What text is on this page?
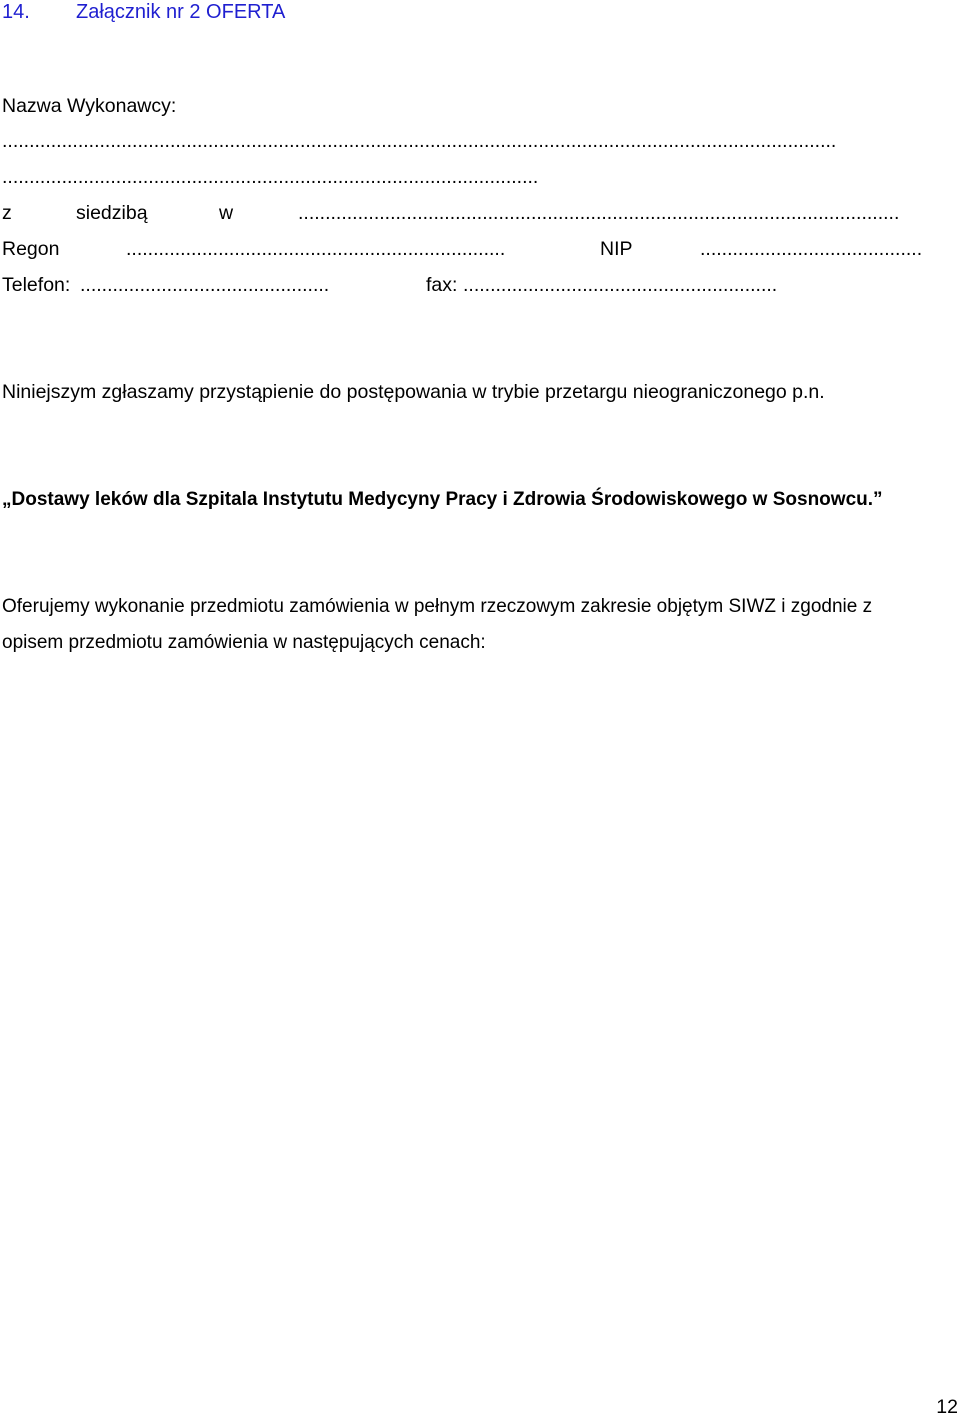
14. Załącznik nr 2 OFERTA
Nazwa Wykonawcy:
..........................................................................................................................................................
...................................................................................................
z	siedzibą	w	...............................................................................................................
Regon	......................................................................	NIP	.........................................
Telefon: ..............................................	fax: ..........................................................
Niniejszym zgłaszamy przystąpienie do postępowania w trybie przetargu nieograniczonego p.n.
„Dostawy leków dla Szpitala Instytutu Medycyny Pracy i Zdrowia Środowiskowego w Sosnowcu.”
Oferujemy wykonanie przedmiotu zamówienia w pełnym rzeczowym zakresie objętym SIWZ i zgodnie z
opisem przedmiotu zamówienia w następujących cenach:
12
